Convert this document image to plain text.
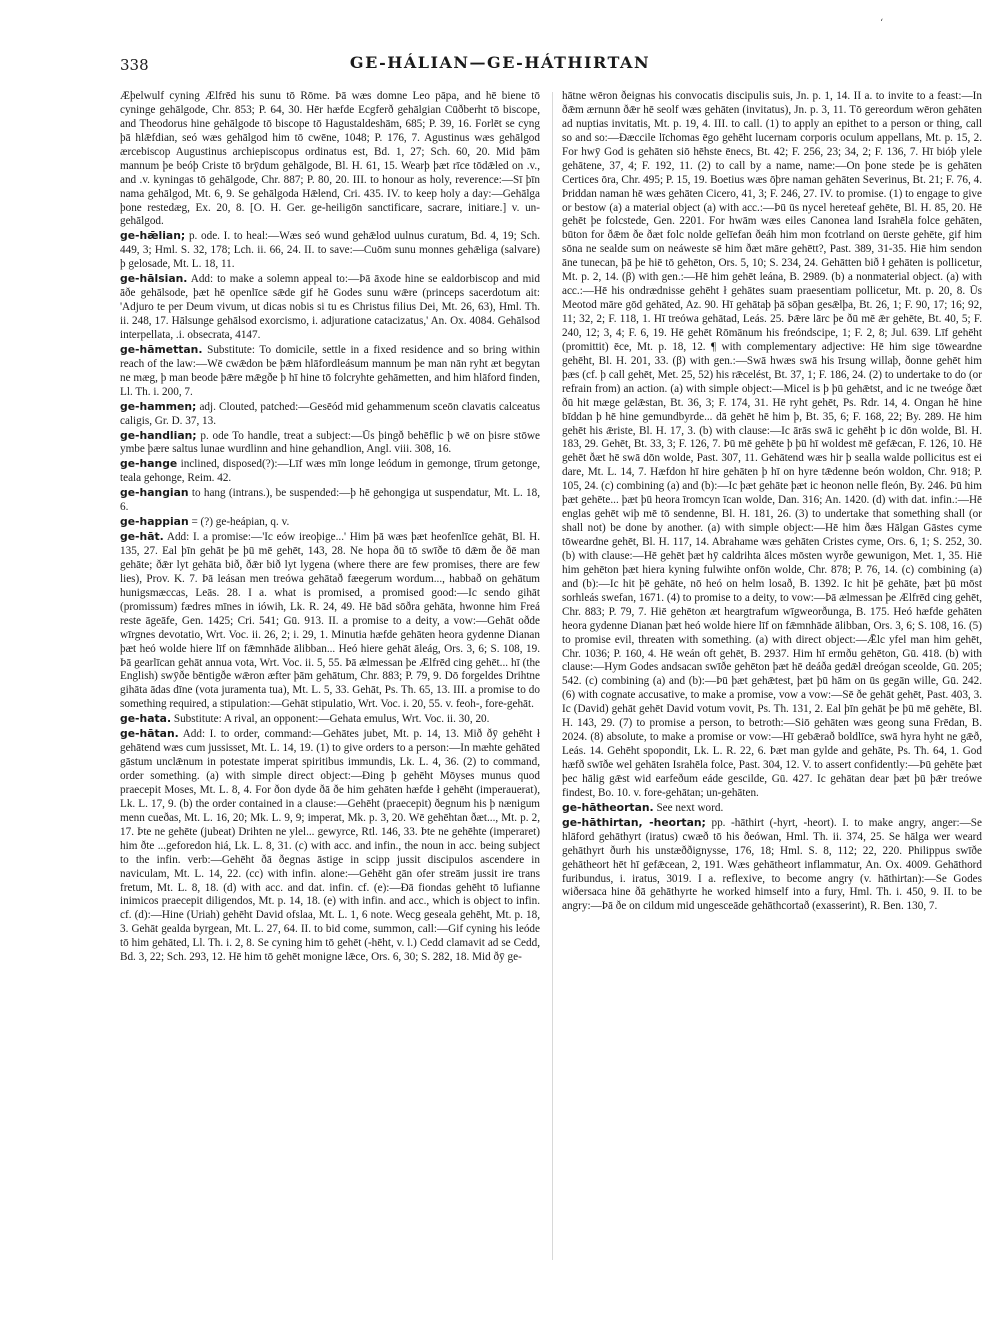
ʻ
338	GE-HÁLIAN—GE-HÁTHIRTAN

Æþelwulf cyning Ælfrēd his sunu tō Rōme. Þā wæs domne Leo pāpa, and hē biene tō cyninge gehālgode, Chr. 853; P. 64, 30. Hēr hæfde Ecgferð gehālgian Cūðberht tō biscope, and Theodorus hine gehālgode tō biscope tō Hagustaldeshām, 685; P. 39, 16. Forlēt se cyng þā hlǣfdian, seó wæs gehālgod him tō cwēne, 1048; P. 176, 7. Agustinus wæs gehālgod ærcebiscop Augustinus archiepiscopus ordinatus est, Bd. 1, 27; Sch. 60, 20. Mid þām mannum þe beóþ Criste tō brȳdum gehālgode, Bl. H. 61, 15. Wearþ þæt rīce tōdǣled on .v., and .v. kyningas tō gehālgode, Chr. 887; P. 80, 20. III. to honour as holy, reverence:—Sī þīn nama gehālgod, Mt. 6, 9. Se gehālgoda Hǣlend, Cri. 435. IV. to keep holy a day:—Gehālga þone restedæg, Ex. 20, 8. [O. H. Ger. ge-heiligōn sanctificare, sacrare, initiare.] v. un-gehālgod.

ge-hǣlian; p. ode. I. to heal:—Wæs seó wund gehǣlod uulnus curatum, Bd. 4, 19; Sch. 449, 3; Hml. S. 32, 178; Lch. ii. 66, 24. II. to save:—Cuōm sunu monnes gehǣliga (salvare) þ gelosade, Mt. L. 18, 11.

ge-hālsian. Add: to make a solemn appeal to:—Þā āxode hine se ealdorbiscop and mid āðe gehālsode, þæt hē openlīce sǣde gif hē Godes sunu wǣre (princeps sacerdotum ait: 'Adjuro te per Deum vivum, ut dicas nobis si tu es Christus filius Dei, Mt. 26, 63), Hml. Th. ii. 248, 17. Hālsunge gehālsod exorcismo, i. adjuratione catacizatus,' An. Ox. 4084. Gehālsod interpellata, .i. obsecrata, 4147.

ge-hāmettan. Substitute: To domicile, settle in a fixed residence and so bring within reach of the law:—Wē cwǣdon be þǣm hlāfordleásum mannum þe man nān ryht æt begytan ne mæg, þ man beode þǣre mǣgðe þ hī hine tō folcryhte gehāmetten, and him hlāford finden, Ll. Th. i. 200, 7.

ge-hammen; adj. Clouted, patched:—Gesēód mid gehammenum sceōn clavatis calceatus caligis, Gr. D. 37, 13.

ge-handlian; p. ode To handle, treat a subject:—Ūs þingð behēflic þ wē on þisre stōwe ymbe þære saltus lunae wurdlinn and hine gehandlion, Angl. viii. 308, 16.

ge-hange inclined, disposed(?):—Līf wæs mīn longe leódum in gemonge, tīrum getonge, teala gehonge, Reim. 42.

ge-hangian to hang (intrans.), be suspended:—þ hē gehongiga ut suspendatur, Mt. L. 18, 6.

ge-happian = (?) ge-heápian, q. v.

ge-hāt. Add: I. a promise:—'Ic eów ireoþige...' Him þā wæs þæt heofenlīce gehāt, Bl. H. 135, 27. Eal þīn gehāt þe þū mē gehēt, 143, 28. Ne hopa ðū tō swīðe tō dǣm ðe ðē man gehāte; ðǣr lyt gehāta bið, ðǣr bið lyt lygena (where there are few promises, there are few lies), Prov. K. 7. Þā leásan men treówa gehātað fæegerum wordum..., habbað on gehātum hunigsmæccas, Leās. 28. I a. what is promised, a promised good:—Ic sendo gihāt (promissum) fædres mīnes in iówih, Lk. R. 24, 49. Hē bād sōðra gehāta, hwonne him Freá reste āgeāfe, Gen. 1425; Cri. 541; Gū. 913. II. a promise to a deity, a vow:—Gehāt oðde wīrgnes devotatio, Wrt. Voc. ii. 26, 2; i. 29, 1. Minutia hæfde gehāten heora gydenne Dianan þæt heó wolde hiere līf on fǣmnhāde ālibban... Heó hiere gehāt āleág, Ors. 3, 6; S. 108, 19. Þā gearlīcan gehāt annua vota, Wrt. Voc. ii. 5, 55. Þā ælmessan þe Ælfrēd cing gehēt... hī (the English) swȳðe bēntigðe wǣron æfter þām gehātum, Chr. 883; P. 79, 9. Dō forgeldes Drihtne gihāta ādas dīne (vota juramenta tua), Mt. L. 5, 33. Gehāt, Ps. Th. 65, 13. III. a promise to do something required, a stipulation:—Gehāt stipulatio, Wrt. Voc. i. 20, 55. v. feoh-, fore-gehāt.

ge-hata. Substitute: A rival, an opponent:—Gehata emulus, Wrt. Voc. ii. 30, 20.

ge-hātan. Add: I. to order, command:—Gehātes jubet, Mt. p. 14, 13. Mið ðȳ gehēht ł gehātend wæs cum jussisset, Mt. L. 14, 19. (1) to give orders to a person:—In mæhte gehāted gāstum unclǣnum in potestate imperat spiritibus immundis, Lk. L. 4, 36. (2) to command, order something. (a) with simple direct object:—Ðing þ gehēht Mōyses munus quod praecepit Moses, Mt. L. 8, 4. For ðon dyde ðā ðe him gehāten hæfde ł gehēht (imperauerat), Lk. L. 17, 9. (b) the order contained in a clause:—Gehēht (praecepit) ðegnum his þ nænigum menn cueðas, Mt. L. 16, 20; Mk. L. 9, 9; imperat, Mk. p. 3, 20. Wē gehēhtan ðæt..., Mt. p. 2, 17. Þte ne gehēte (jubeat) Drihten ne ylel... gewyrce, Rtl. 146, 33. Þte ne gehēhte (imperaret) him ðte ...geforedon hiá, Lk. L. 8, 31. (c) with acc. and infin., the noun in acc. being subject to the infin. verb:—Gehēht ðā ðegnas āstige in scipp jussit discipulos ascendere in naviculam, Mt. L. 14, 22. (cc) with infin. alone:—Gehēht gān ofer streām jussit ire trans fretum, Mt. L. 8, 18. (d) with acc. and dat. infin. cf. (e):—Ðā fiondas gehēht tō lufianne inimicos praecepit diligendos, Mt. p. 14, 18. (e) with infin. and acc., which is object to infin. cf. (d):—Hine (Uriah) gehēht David ofslaa, Mt. L. 1, 6 note. Wecg geseala gehēht, Mt. p. 18, 3. Gehāt gealda byrgean, Mt. L. 27, 64. II. to bid come, summon, call:—Gif cyning his leóde tō him gehāted, Ll. Th. i. 2, 8. Se cyning him tō gehēt (-hēht, v. l.) Cedd clamavit ad se Cedd, Bd. 3, 22; Sch. 293, 12. Hē him tō gehēt monigne lǣce, Ors. 6, 30; S. 282, 18. Mid ðȳ ge-

hātne wēron ðeignas his convocatis discipulis suis, Jn. p. 1, 14. II a. to invite to a feast:—In ðǣm ærnunn ðǣr hē seolf wæs gehāten (invitatus), Jn. p. 3, 11. Tō gereordum wēron gehāten ad nuptias invitatis, Mt. p. 19, 4. III. to call. (1) to apply an epithet to a person or thing, call so and so:—Ðæccile līchomas ēgo gehēht lucernam corporis oculum appellans, Mt. p. 15, 2. For hwȳ God is gehāten siō hēhste ēnecs, Bt. 42; F. 256, 23; 34, 2; F. 136, 7. Hī bióþ ylele gehātene, 37, 4; F. 192, 11. (2) to call by a name, name:—On þone stede þe is gehāten Certices ōra, Chr. 495; P. 15, 19. Boetius wæs ōþre naman gehāten Severinus, Bt. 21; F. 76, 4. Þriddan naman hē wæs gehāten Cicero, 41, 3; F. 246, 27. IV. to promise. (1) to engage to give or bestow (a) a material object (a) with acc.:—Þū ūs nycel hereteaf gehēte, Bl. H. 85, 20. Hē gehēt þe folcstede, Gen. 2201. For hwām wæs eiles Canonea land Israhēla folce gehāten, būton for ðǣm ðe ðæt folc nolde gelīefan ðeáh him mon fcotrland on ūerste gehēte, gif him sōna ne sealde sum on neáweste sē him ðæt māre gehētt?, Past. 389, 31-35. Hiē him sendon āne tunecan, þā þe hiē tō gehēton, Ors. 5, 10; S. 234, 24. Gehātten bið ł gehāten is pollicetur, Mt. p. 2, 14. (β) with gen.:—Hē him gehēt leána, B. 2989. (b) a nonmaterial object. (a) with acc.:—Hē his ondrædnisse gehēht ł gehātes suam praesentiam pollicetur, Mt. p. 20, 8. Ūs Meotod māre gōd gehāted, Az. 90. Hī gehātaþ þā sōþan gesǣlþa, Bt. 26, 1; F. 90, 17; 16; 92, 11; 32, 2; F. 118, 1. Hī treówa gehātad, Leás. 25. Þǣre lārc þe ðū mē ǣr gehēte, Bt. 40, 5; F. 240, 12; 3, 4; F. 6, 19. Hē gehēt Rōmānum his freóndscipe, 1; F. 2, 8; Jul. 639. Līf gehēht (promittit) ēce, Mt. p. 18, 12. ¶ with complementary adjective: Hē him sige tōweardne gehēht, Bl. H. 201, 33. (β) with gen.:—Swā hwæs swā his īrsung willaþ, ðonne gehēt him þæs (cf. þ call gehēt, Met. 25, 52) his rǣcelést, Bt. 37, 1; F. 186, 24. (2) to undertake to do (or refrain from) an action. (a) with simple object:—Micel is þ þū gehǣtst, and ic ne tweóge ðæt ðū hit mæge gelǣstan, Bt. 36, 3; F. 174, 31. Hē ryht gehēt, Ps. Rdr. 14, 4. Ongan hē hine bīddan þ hē hine gemundbyrde... dā gehēt hē him þ, Bt. 35, 6; F. 168, 22; By. 289. Hē him gehēt his ǣriste, Bl. H. 17, 3. (b) with clause:—Ic ārās swā ic gehēht þ ic dōn wolde, Bl. H. 183, 29. Gehēt, Bt. 33, 3; F. 126, 7. Þū mē gehēte þ þū hī woldest mē gefǣcan, F. 126, 10. Hē gehēt ðæt hē swā dōn wolde, Past. 307, 11. Gehātend wæs hir þ sealla walde pollicitus est ei dare, Mt. L. 14, 7. Hæfdon hī hire gehāten þ hī on hyre tǣdenne beón woldon, Chr. 918; P. 105, 24. (c) combining (a) and (b):—Ic þæt gehāte þæt ic heonon nelle fleón, By. 246. Þū him þæt gehēte... þæt þū heora īromcyn īcan wolde, Dan. 316; An. 1420. (d) with dat. infin.:—Hē englas gehēt wiþ mē tō sendenne, Bl. H. 181, 26. (3) to undertake that something shall (or shall not) be done by another. (a) with simple object:—Hē him ðæs Hālgan Gāstes cyme tōweardne gehēt, Bl. H. 117, 14. Abrahame wæs gehāten Cristes cyme, Ors. 6, 1; S. 252, 30. (b) with clause:—Hē gehēt þæt hȳ caldrihta ālces mōsten wyrðe gewunigon, Met. 1, 35. Hiē him gehēton þæt hiera kyning fulwihte onfōn wolde, Chr. 878; P. 76, 14. (c) combining (a) and (b):—Ic hit þē gehāte, nō heó on helm losað, B. 1392. Ic hit þē gehāte, þæt þū mōst sorhleás swefan, 1671. (4) to promise to a deity, to vow:—Þā ælmessan þe Ælfrēd cing gehēt, Chr. 883; P. 79, 7. Hiē gehēton æt heargtrafum wīgweorðunga, B. 175. Heó hæfde gehāten heora gydenne Dianan þæt heó wolde hiere līf on fǣmnhāde ālibban, Ors. 3, 6; S. 108, 16. (5) to promise evil, threaten with something. (a) with direct object:—Ǣlc yfel man him gehēt, Chr. 1036; P. 160, 4. Hē weán oft gehēt, B. 2937. Him hī ermðu gehēton, Gū. 418. (b) with clause:—Hym Godes andsacan swīðe gehēton þæt hē deáða gedǣl dreógan sceolde, Gū. 205; 542. (c) combining (a) and (b):—Þū þæt gehǣtest, þæt þū hām on ūs gegān wille, Gū. 242. (6) with cognate accusative, to make a promise, vow a vow:—Sē ðe gehāt gehēt, Past. 403, 3. Ic (David) gehāt gehēt David votum vovit, Ps. Th. 131, 2. Eal þīn gehāt þe þū mē gehēte, Bl. H. 143, 29. (7) to promise a person, to betroth:—Siō gehāten wæs geong suna Frēdan, B. 2024. (8) absolute, to make a promise or vow:—Hī gebǣrað boldlīce, swā hyra hyht ne gǣð, Leás. 14. Gehēht spopondit, Lk. L. R. 22, 6. Þæt man gylde and gehāte, Ps. Th. 64, 1. God hæfð swīðe wel gehāten Israhēla folce, Past. 304, 12. V. to assert confidently:—Þū gehēte þæt þec hālig gǣst wid earfeðum eáde gescilde, Gū. 427. Ic gehātan dear þæt þū þǣr treówe findest, Bo. 10. v. fore-gehātan; un-gehāten.

ge-hātheortan. See next word.

ge-hāthirtan, -heortan; pp. -hāthirt (-hyrt, -heort). I. to make angry, anger:—Se hlāford gehāthyrt (iratus) cwæð tō his ðeówan, Hml. Th. ii. 374, 25. Se hālga wer weard gehāthyrt ðurh his unstæððignysse, 176, 18; Hml. S. 8, 112; 22, 220. Philippus swīðe gehātheort hēt hī gefǣcean, 2, 191. Wæs gehātheort inflammatur, An. Ox. 4009. Gehāthord furibundus, i. iratus, 3019. I a. reflexive, to become angry (v. hāthirtan):—Se Godes wiðersaca hine ðā gehāthyrte he worked himself into a fury, Hml. Th. i. 450, 9. II. to be angry:—Þā ðe on cildum mid ungesceāde gehāthcortað (exasserint), R. Ben. 130, 7.
